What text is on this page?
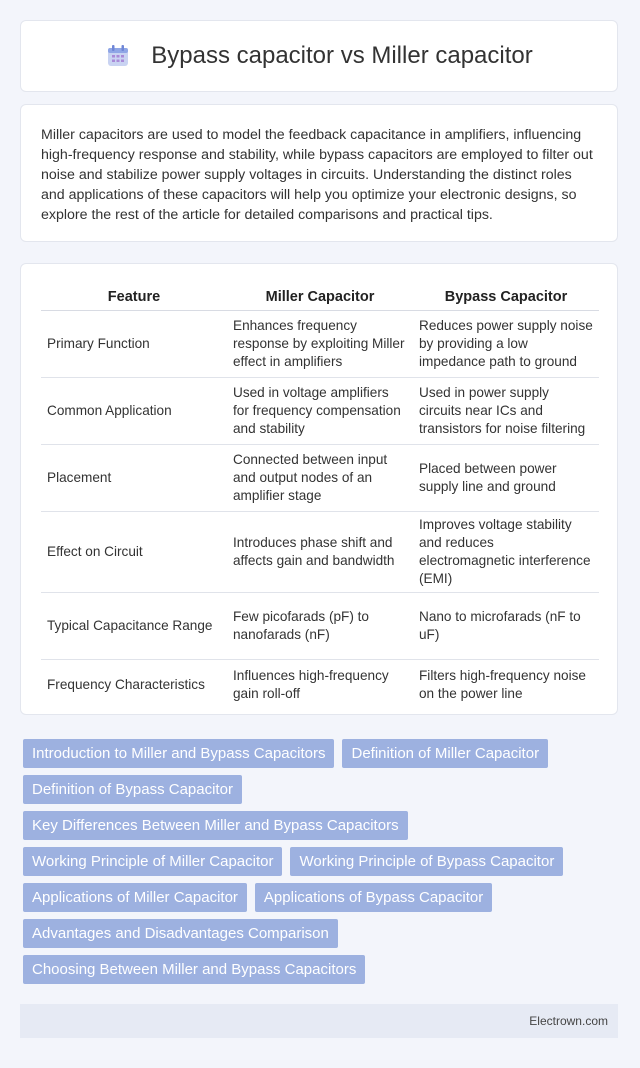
Bypass capacitor vs Miller capacitor

Miller capacitors are used to model the feedback capacitance in amplifiers, influencing high-frequency response and stability, while bypass capacitors are employed to filter out noise and stabilize power supply voltages in circuits. Understanding the distinct roles and applications of these capacitors will help you optimize your electronic designs, so explore the rest of the article for detailed comparisons and practical tips.

Feature	Miller Capacitor	Bypass Capacitor
Primary Function	Enhances frequency response by exploiting Miller effect in amplifiers	Reduces power supply noise by providing a low impedance path to ground
Common Application	Used in voltage amplifiers for frequency compensation and stability	Used in power supply circuits near ICs and transistors for noise filtering
Placement	Connected between input and output nodes of an amplifier stage	Placed between power supply line and ground
Effect on Circuit	Introduces phase shift and affects gain and bandwidth	Improves voltage stability and reduces electromagnetic interference (EMI)
Typical Capacitance Range	Few picofarads (pF) to nanofarads (nF)	Nano to microfarads (nF to uF)
Frequency Characteristics	Influences high-frequency gain roll-off	Filters high-frequency noise on the power line
Introduction to Miller and Bypass Capacitors	Definition of Miller Capacitor
Definition of Bypass Capacitor
Key Differences Between Miller and Bypass Capacitors
Working Principle of Miller Capacitor	Working Principle of Bypass Capacitor
Applications of Miller Capacitor	Applications of Bypass Capacitor
Advantages and Disadvantages Comparison
Choosing Between Miller and Bypass Capacitors
Electrown.com
